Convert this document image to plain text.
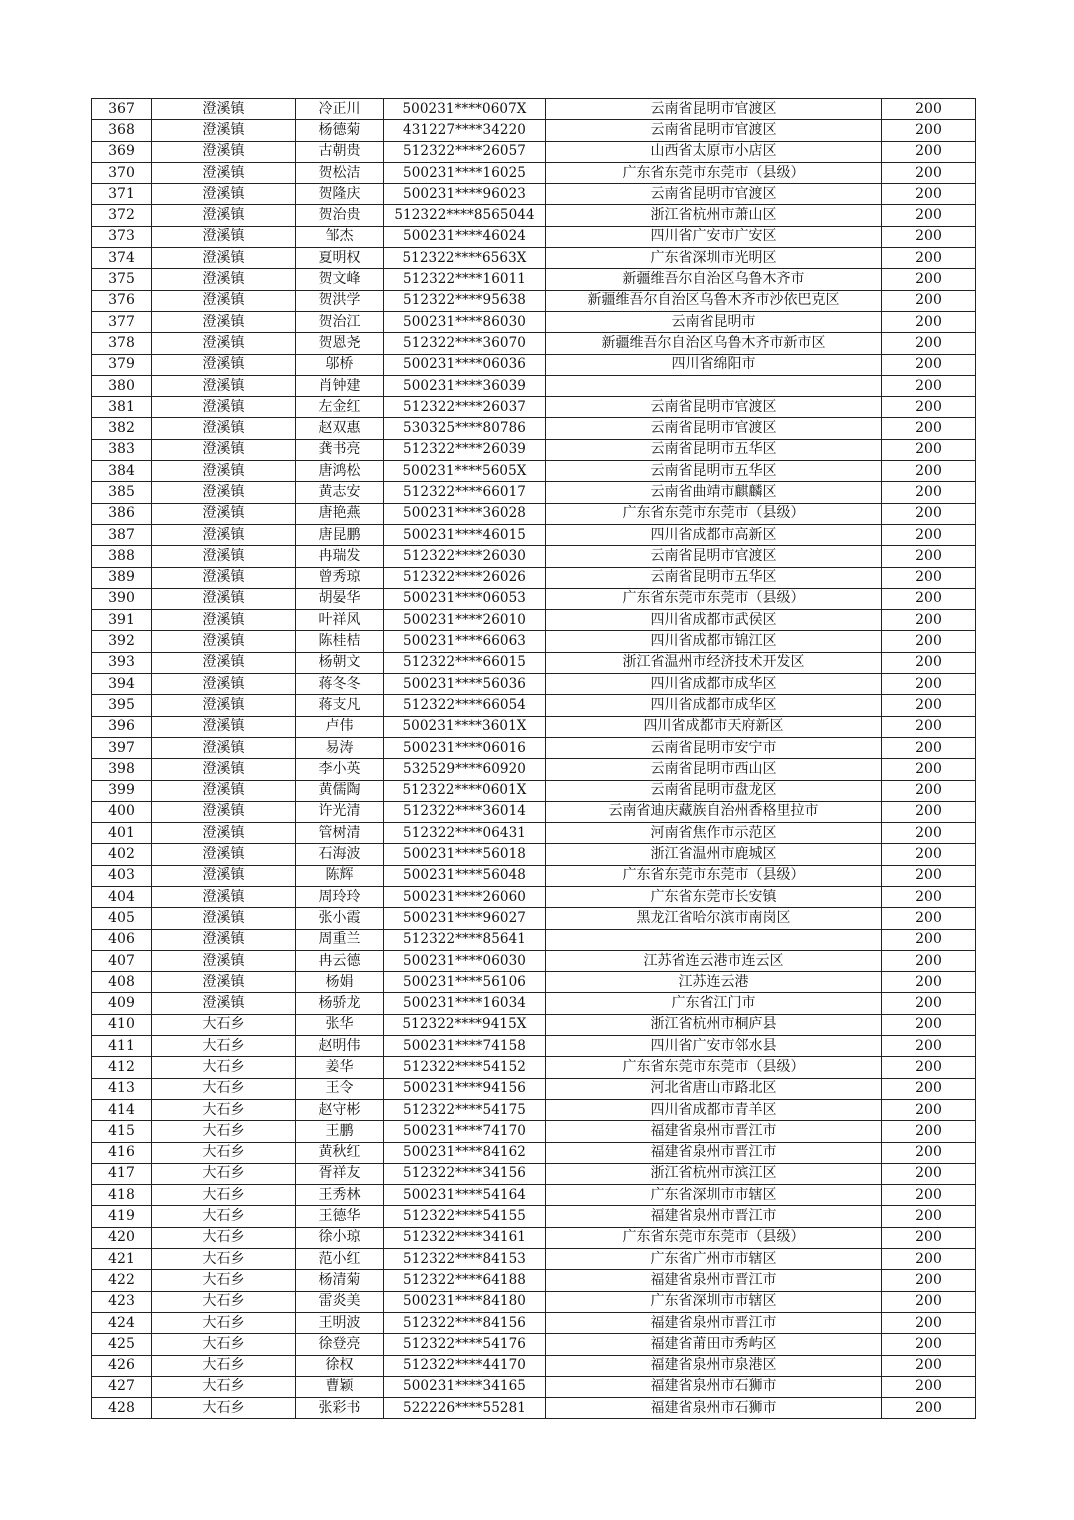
367	澄溪镇	冷正川	500231****0607X	云南省昆明市官渡区	200
368	澄溪镇	杨德菊	431227****34220	云南省昆明市官渡区	200
369	澄溪镇	古朝贵	512322****26057	山西省太原市小店区	200
370	澄溪镇	贺松洁	500231****16025	广东省东莞市东莞市（县级）	200
371	澄溪镇	贺隆庆	500231****96023	云南省昆明市官渡区	200
372	澄溪镇	贺治贵	512322****8565044	浙江省杭州市萧山区	200
373	澄溪镇	邹杰	500231****46024	四川省广安市广安区	200
374	澄溪镇	夏明权	512322****6563X	广东省深圳市光明区	200
375	澄溪镇	贺文峰	512322****16011	新疆维吾尔自治区乌鲁木齐市	200
376	澄溪镇	贺洪学	512322****95638	新疆维吾尔自治区乌鲁木齐市沙依巴克区	200
377	澄溪镇	贺治江	500231****86030	云南省昆明市	200
378	澄溪镇	贺恩尧	512322****36070	新疆维吾尔自治区乌鲁木齐市新市区	200
379	澄溪镇	邬桥	500231****06036	四川省绵阳市	200
380	澄溪镇	肖钟建	500231****36039		200
381	澄溪镇	左金红	512322****26037	云南省昆明市官渡区	200
382	澄溪镇	赵双惠	530325****80786	云南省昆明市官渡区	200
383	澄溪镇	龚书亮	512322****26039	云南省昆明市五华区	200
384	澄溪镇	唐鸿松	500231****5605X	云南省昆明市五华区	200
385	澄溪镇	黄志安	512322****66017	云南省曲靖市麒麟区	200
386	澄溪镇	唐艳燕	500231****36028	广东省东莞市东莞市（县级）	200
387	澄溪镇	唐昆鹏	500231****46015	四川省成都市高新区	200
388	澄溪镇	冉瑞发	512322****26030	云南省昆明市官渡区	200
389	澄溪镇	曾秀琼	512322****26026	云南省昆明市五华区	200
390	澄溪镇	胡晏华	500231****06053	广东省东莞市东莞市（县级）	200
391	澄溪镇	叶祥风	500231****26010	四川省成都市武侯区	200
392	澄溪镇	陈桂桔	500231****66063	四川省成都市锦江区	200
393	澄溪镇	杨朝文	512322****66015	浙江省温州市经济技术开发区	200
394	澄溪镇	蒋冬冬	500231****56036	四川省成都市成华区	200
395	澄溪镇	蒋支凡	512322****66054	四川省成都市成华区	200
396	澄溪镇	卢伟	500231****3601X	四川省成都市天府新区	200
397	澄溪镇	易涛	500231****06016	云南省昆明市安宁市	200
398	澄溪镇	李小英	532529****60920	云南省昆明市西山区	200
399	澄溪镇	黄儒陶	512322****0601X	云南省昆明市盘龙区	200
400	澄溪镇	许光清	512322****36014	云南省迪庆藏族自治州香格里拉市	200
401	澄溪镇	管树清	512322****06431	河南省焦作市示范区	200
402	澄溪镇	石海波	500231****56018	浙江省温州市鹿城区	200
403	澄溪镇	陈辉	500231****56048	广东省东莞市东莞市（县级）	200
404	澄溪镇	周玲玲	500231****26060	广东省东莞市长安镇	200
405	澄溪镇	张小霞	500231****96027	黑龙江省哈尔滨市南岗区	200
406	澄溪镇	周重兰	512322****85641		200
407	澄溪镇	冉云德	500231****06030	江苏省连云港市连云区	200
408	澄溪镇	杨娟	500231****56106	江苏连云港	200
409	澄溪镇	杨骄龙	500231****16034	广东省江门市	200
410	大石乡	张华	512322****9415X	浙江省杭州市桐庐县	200
411	大石乡	赵明伟	500231****74158	四川省广安市邻水县	200
412	大石乡	姜华	512322****54152	广东省东莞市东莞市（县级）	200
413	大石乡	王令	500231****94156	河北省唐山市路北区	200
414	大石乡	赵守彬	512322****54175	四川省成都市青羊区	200
415	大石乡	王鹏	500231****74170	福建省泉州市晋江市	200
416	大石乡	黄秋红	500231****84162	福建省泉州市晋江市	200
417	大石乡	胥祥友	512322****34156	浙江省杭州市滨江区	200
418	大石乡	王秀林	500231****54164	广东省深圳市市辖区	200
419	大石乡	王德华	512322****54155	福建省泉州市晋江市	200
420	大石乡	徐小琼	512322****34161	广东省东莞市东莞市（县级）	200
421	大石乡	范小红	512322****84153	广东省广州市市辖区	200
422	大石乡	杨清菊	512322****64188	福建省泉州市晋江市	200
423	大石乡	雷炎美	500231****84180	广东省深圳市市辖区	200
424	大石乡	王明波	512322****84156	福建省泉州市晋江市	200
425	大石乡	徐登亮	512322****54176	福建省莆田市秀屿区	200
426	大石乡	徐权	512322****44170	福建省泉州市泉港区	200
427	大石乡	曹颖	500231****34165	福建省泉州市石狮市	200
428	大石乡	张彩书	522226****55281	福建省泉州市石狮市	200
